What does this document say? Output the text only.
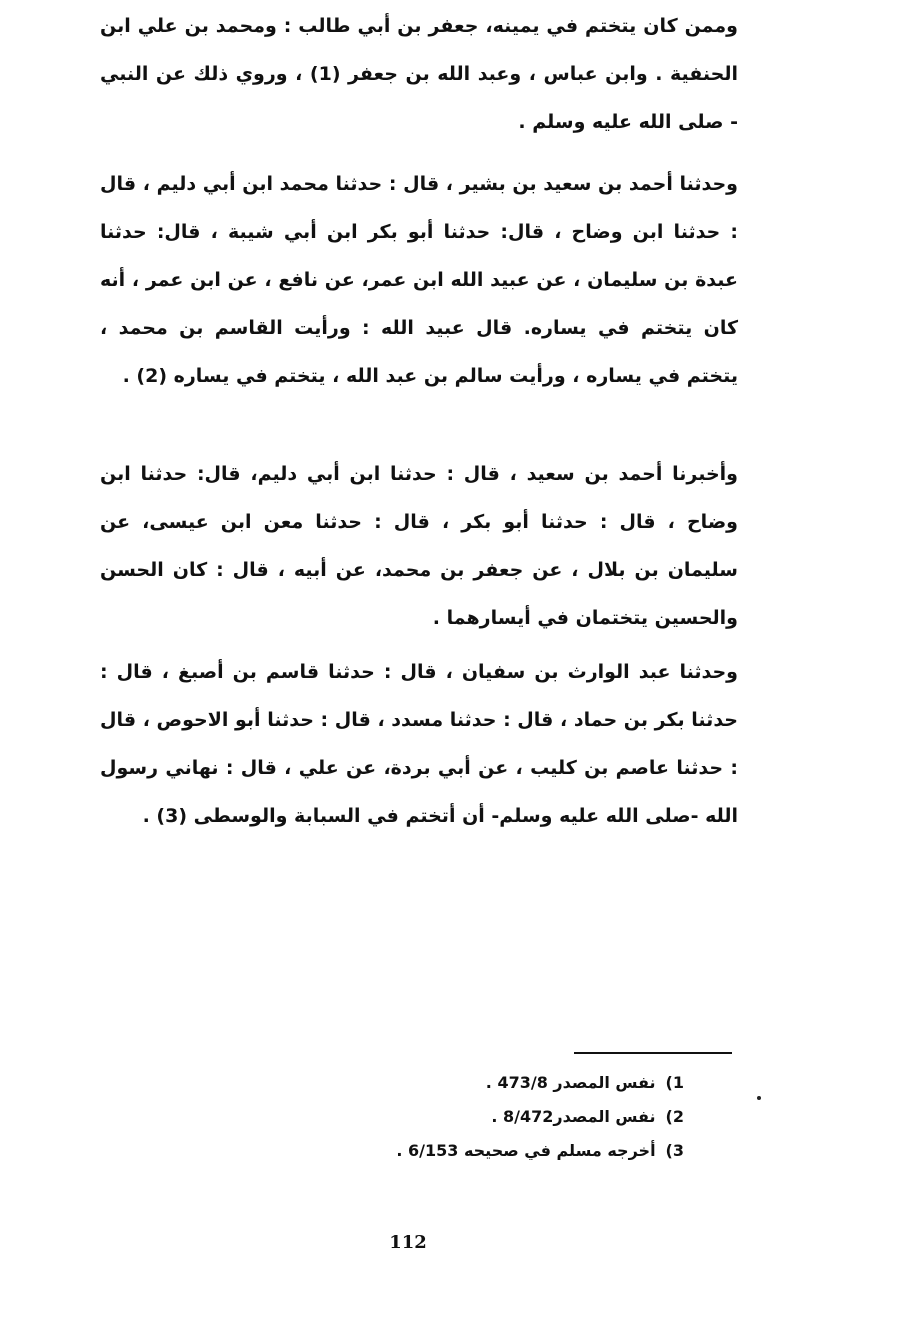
وممن كان يتختم في يمينه، جعفر بن أبي طالب : ومحمد بن علي ابن الحنفية . وابن عباس ، وعبد الله بن جعفر (1) ، وروي ذلك عن النبي - صلى الله عليه وسلم .

وحدثنا أحمد بن سعيد بن بشير ، قال : حدثنا محمد ابن أبي دليم ، قال : حدثنا ابن وضاح ، قال: حدثنا أبو بكر ابن أبي شيبة ، قال: حدثنا عبدة بن سليمان ، عن عبيد الله ابن عمر، عن نافع ، عن ابن عمر ، أنه كان يتختم في يساره. قال عبيد الله : ورأيت القاسم بن محمد ، يتختم في يساره ، ورأيت سالم بن عبد الله ، يتختم في يساره (2) .

وأخبرنا أحمد بن سعيد ، قال : حدثنا ابن أبي دليم، قال: حدثنا ابن وضاح ، قال : حدثنا أبو بكر ، قال : حدثنا معن ابن عيسى، عن سليمان بن بلال ، عن جعفر بن محمد، عن أبيه ، قال : كان الحسن والحسين يتختمان في أيسارهما .

وحدثنا عبد الوارث بن سفيان ، قال : حدثنا قاسم بن أصبغ ، قال : حدثنا بكر بن حماد ، قال : حدثنا مسدد ، قال : حدثنا أبو الاحوص ، قال : حدثنا عاصم بن كليب ، عن أبي بردة، عن علي ، قال : نهاني رسول الله -صلى الله عليه وسلم- أن أتختم في السبابة والوسطى (3) .

1)نفس المصدر 473/8 .
2)نفس المصدر8/472 .
3)أخرجه مسلم في صحيحه 6/153 .
112
